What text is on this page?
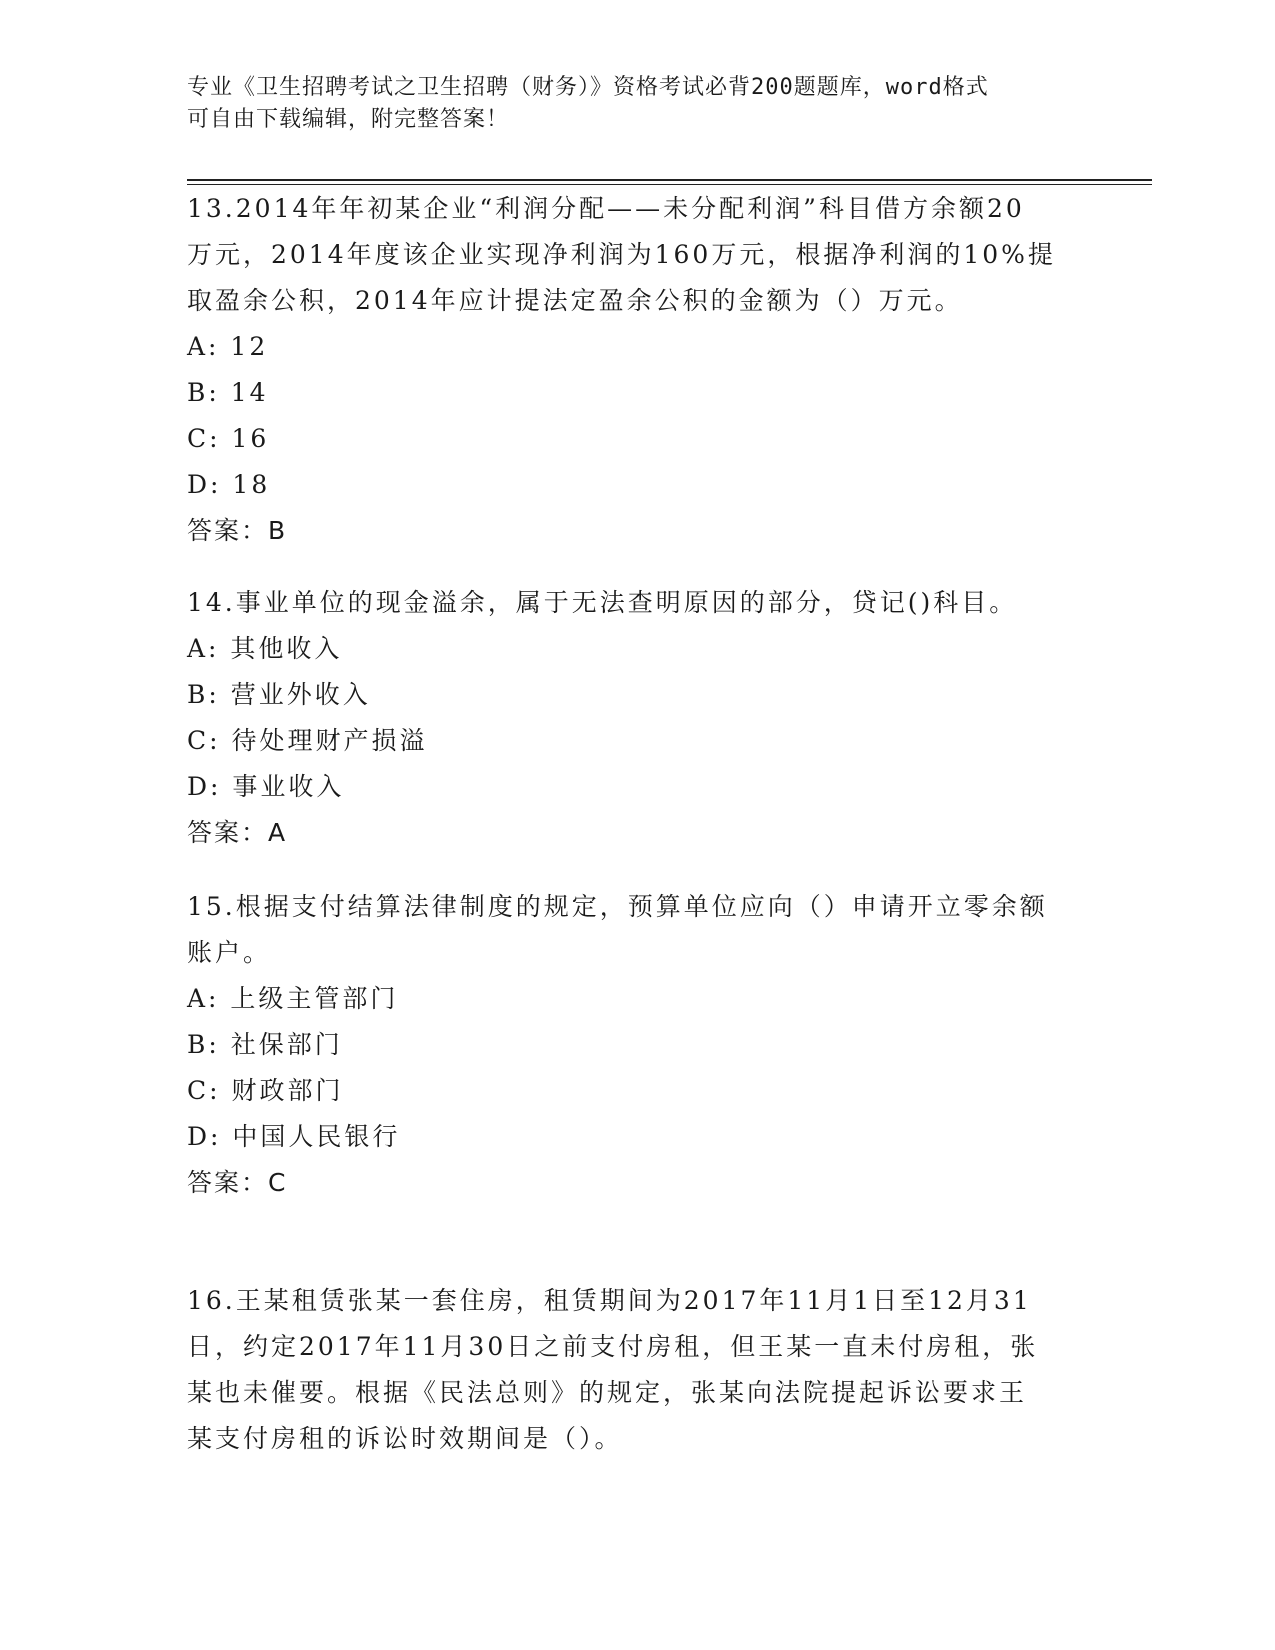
专业《卫生招聘考试之卫生招聘（财务）》资格考试必背200题题库，word格式
可自由下载编辑，附完整答案！
13.2014年年初某企业“利润分配——未分配利润”科目借方余额20
万元，2014年度该企业实现净利润为160万元，根据净利润的10%提
取盈余公积，2014年应计提法定盈余公积的金额为（）万元。
A: 12
B: 14
C: 16
D: 18
答案：B
14.事业单位的现金溢余，属于无法查明原因的部分，贷记()科目。
A: 其他收入
B: 营业外收入
C: 待处理财产损溢
D: 事业收入
答案：A
15.根据支付结算法律制度的规定，预算单位应向（）申请开立零余额
账户。
A: 上级主管部门
B: 社保部门
C: 财政部门
D: 中国人民银行
答案：C
16.王某租赁张某一套住房，租赁期间为2017年11月1日至12月31
日，约定2017年11月30日之前支付房租，但王某一直未付房租，张
某也未催要。根据《民法总则》的规定，张某向法院提起诉讼要求王
某支付房租的诉讼时效期间是（）。
